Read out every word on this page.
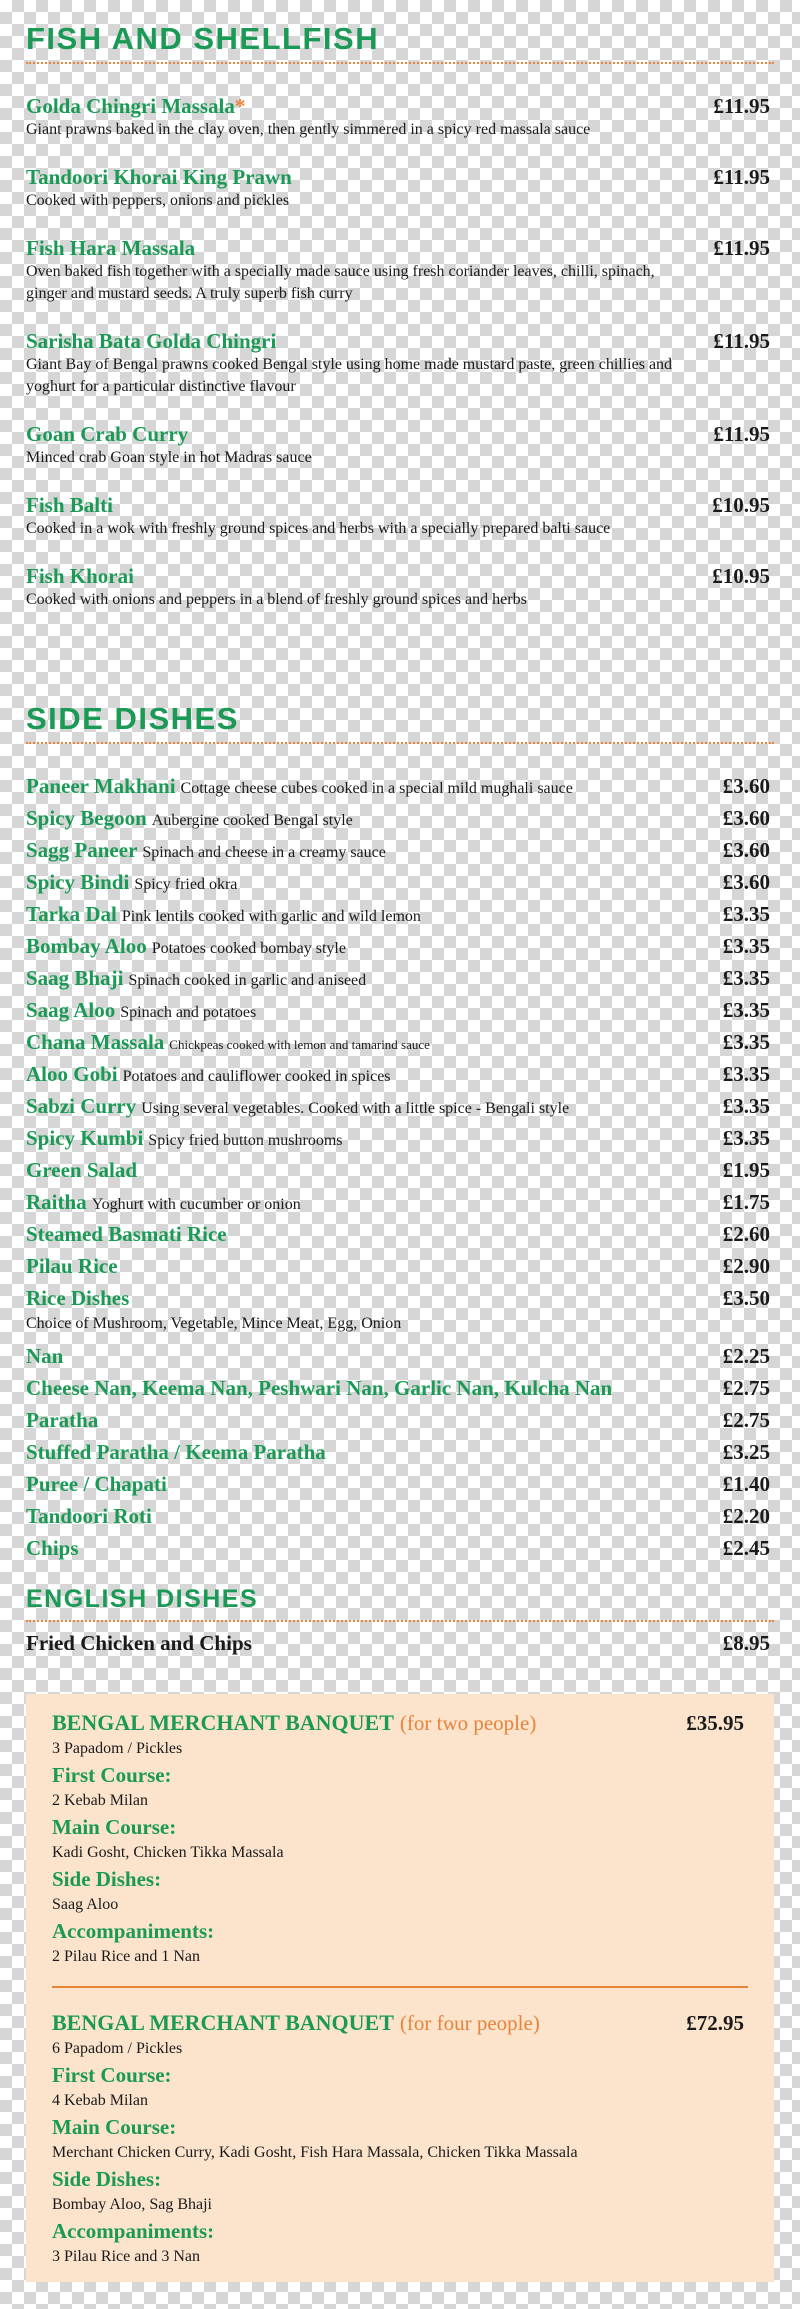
FISH AND SHELLFISH
Golda Chingri Massala*
Giant prawns baked in the clay oven, then gently simmered in a spicy red massala sauce
£11.95
Tandoori Khorai King Prawn
Cooked with peppers, onions and pickles
£11.95
Fish Hara Massala
Oven baked fish together with a specially made sauce using fresh coriander leaves, chilli, spinach, ginger and mustard seeds. A truly superb fish curry
£11.95
Sarisha Bata Golda Chingri
Giant Bay of Bengal prawns cooked Bengal style using home made mustard paste, green chillies and yoghurt for a particular distinctive flavour
£11.95
Goan Crab Curry
Minced crab Goan style in hot Madras sauce
£11.95
Fish Balti
Cooked in a wok with freshly ground spices and herbs with a specially prepared balti sauce
£10.95
Fish Khorai
Cooked with onions and peppers in a blend of freshly ground spices and herbs
£10.95
SIDE DISHES
Paneer Makhani Cottage cheese cubes cooked in a special mild mughali sauce	£3.60
Spicy Begoon Aubergine cooked Bengal style	£3.60
Sagg Paneer Spinach and cheese in a creamy sauce	£3.60
Spicy Bindi Spicy fried okra	£3.60
Tarka Dal Pink lentils cooked with garlic and wild lemon	£3.35
Bombay Aloo Potatoes cooked bombay style	£3.35
Saag Bhaji Spinach cooked in garlic and aniseed	£3.35
Saag Aloo Spinach and potatoes	£3.35
Chana Massala Chickpeas cooked with lemon and tamarind sauce	£3.35
Aloo Gobi Potatoes and cauliflower cooked in spices	£3.35
Sabzi Curry Using several vegetables. Cooked with a little spice - Bengali style	£3.35
Spicy Kumbi Spicy fried button mushrooms	£3.35
Green Salad	£1.95
Raitha Yoghurt with cucumber or onion	£1.75
Steamed Basmati Rice	£2.60
Pilau Rice	£2.90
Rice Dishes	£3.50
Choice of Mushroom, Vegetable, Mince Meat, Egg, Onion
Nan	£2.25
Cheese Nan, Keema Nan, Peshwari Nan, Garlic Nan, Kulcha Nan	£2.75
Paratha	£2.75
Stuffed Paratha / Keema Paratha	£3.25
Puree / Chapati	£1.40
Tandoori Roti	£2.20
Chips	£2.45
ENGLISH DISHES
Fried Chicken and Chips	£8.95
BENGAL MERCHANT BANQUET (for two people)	£35.95
3 Papadom / Pickles
First Course:
2 Kebab Milan
Main Course:
Kadi Gosht, Chicken Tikka Massala
Side Dishes:
Saag Aloo
Accompaniments:
2 Pilau Rice and 1 Nan
BENGAL MERCHANT BANQUET (for four people)	£72.95
6 Papadom / Pickles
First Course:
4 Kebab Milan
Main Course:
Merchant Chicken Curry, Kadi Gosht, Fish Hara Massala, Chicken Tikka Massala
Side Dishes:
Bombay Aloo, Sag Bhaji
Accompaniments:
3 Pilau Rice and 3 Nan
